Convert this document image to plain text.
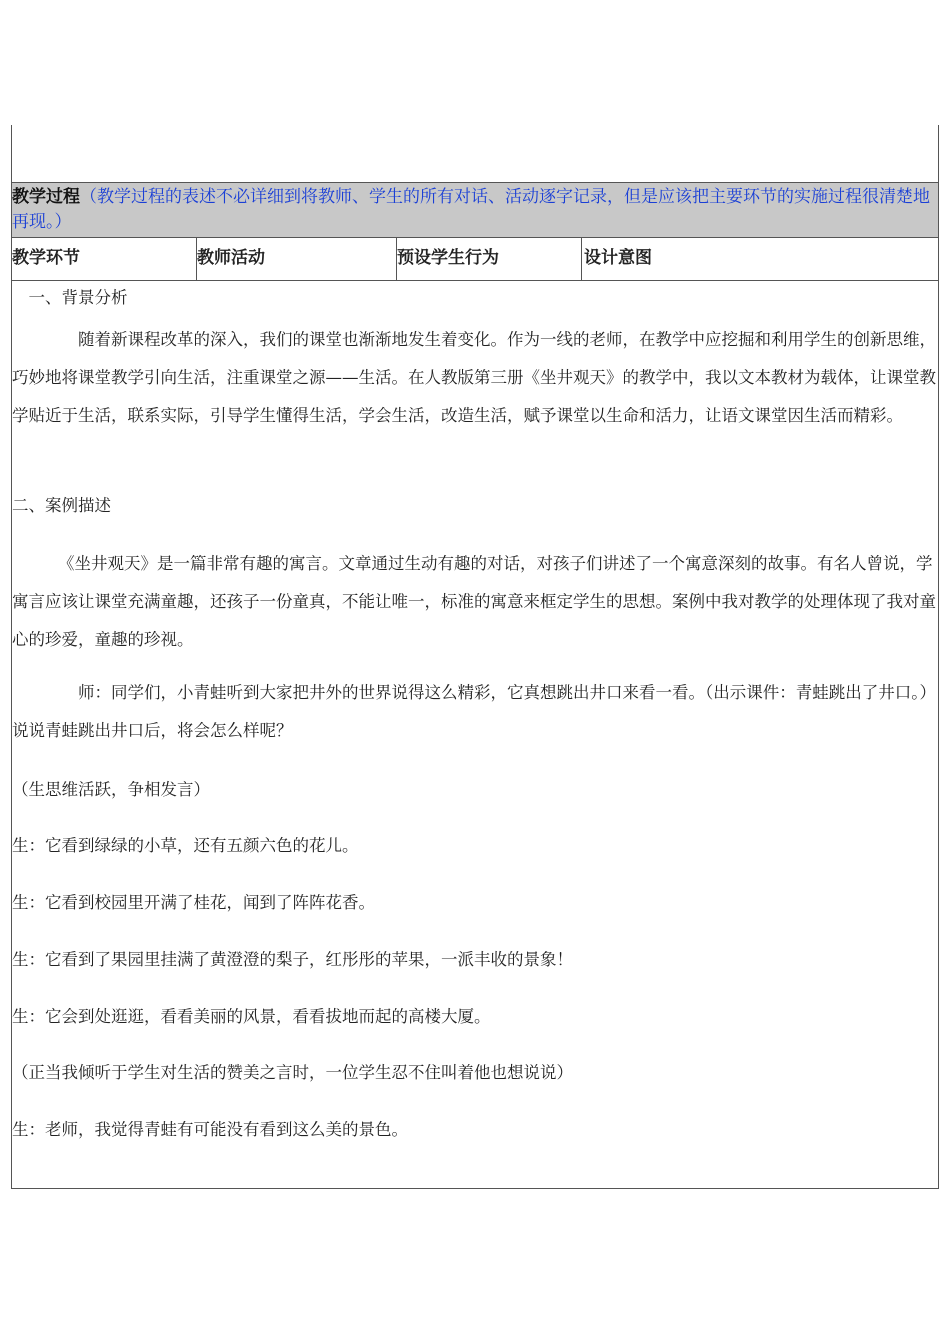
教学过程（教学过程的表述不必详细到将教师、学生的所有对话、活动逐字记录，但是应该把主要环节的实施过程很清楚地再现。）
教学环节	教师活动	预设学生行为	设计意图

　一、背景分析

随着新课程改革的深入，我们的课堂也渐渐地发生着变化。作为一线的老师，在教学中应挖掘和利用学生的创新思维，巧妙地将课堂教学引向生活，注重课堂之源——生活。在人教版第三册《坐井观天》的教学中，我以文本教材为载体，让课堂教学贴近于生活，联系实际，引导学生懂得生活，学会生活，改造生活，赋予课堂以生命和活力，让语文课堂因生活而精彩。

二、案例描述

《坐井观天》是一篇非常有趣的寓言。文章通过生动有趣的对话，对孩子们讲述了一个寓意深刻的故事。有名人曾说，学寓言应该让课堂充满童趣，还孩子一份童真，不能让唯一，标准的寓意来框定学生的思想。案例中我对教学的处理体现了我对童心的珍爱，童趣的珍视。

师：同学们，小青蛙听到大家把井外的世界说得这么精彩，它真想跳出井口来看一看。（出示课件：青蛙跳出了井口。）说说青蛙跳出井口后，将会怎么样呢？

（生思维活跃，争相发言）

生：它看到绿绿的小草，还有五颜六色的花儿。

生：它看到校园里开满了桂花，闻到了阵阵花香。

生：它看到了果园里挂满了黄澄澄的梨子，红彤彤的苹果，一派丰收的景象！

生：它会到处逛逛，看看美丽的风景，看看拔地而起的高楼大厦。

（正当我倾听于学生对生活的赞美之言时，一位学生忍不住叫着他也想说说）

生：老师，我觉得青蛙有可能没有看到这么美的景色。
